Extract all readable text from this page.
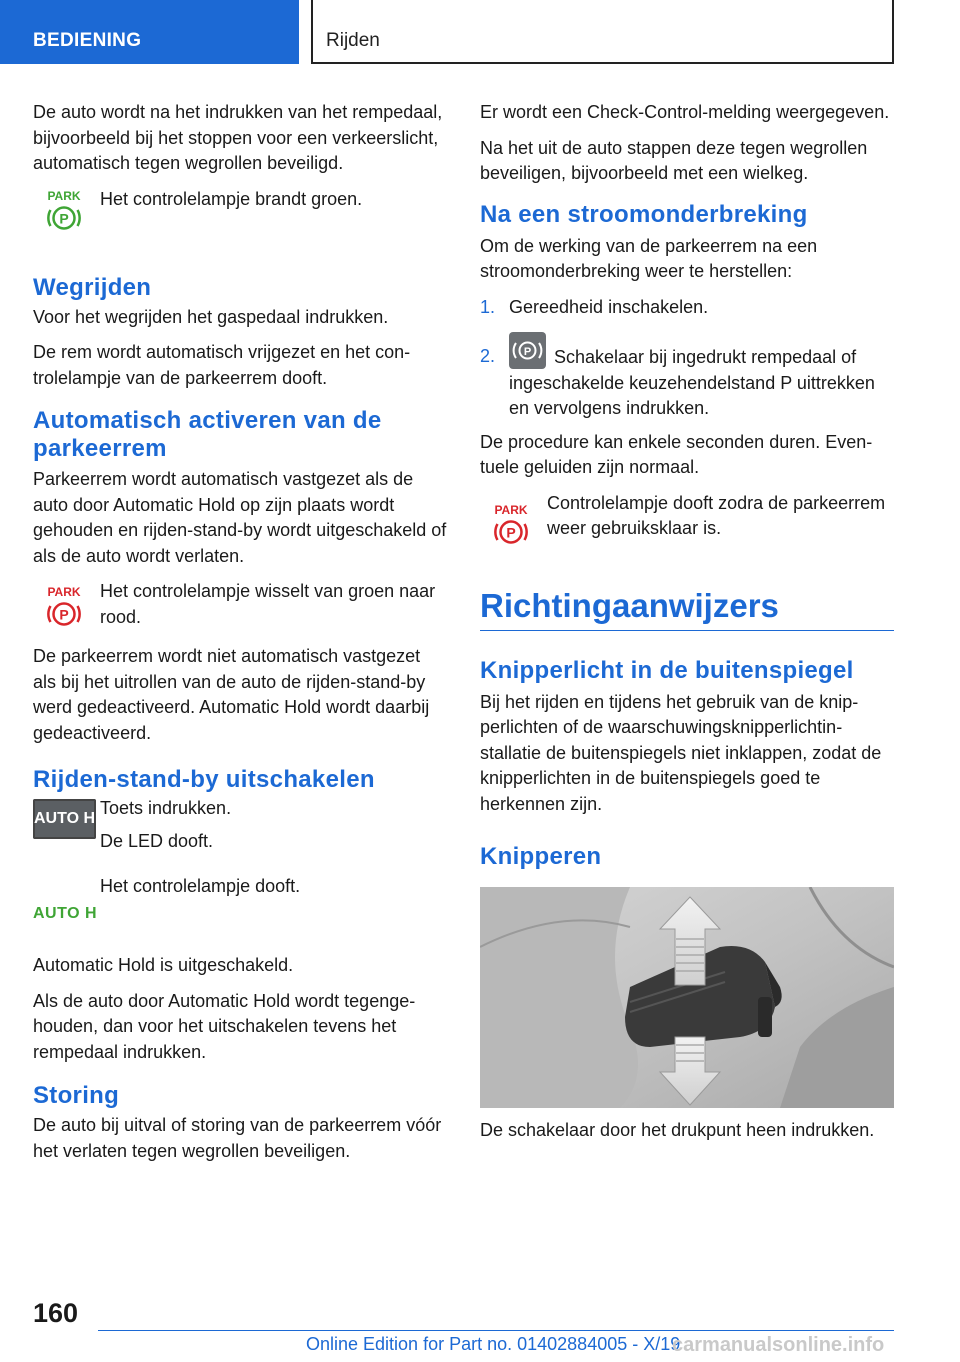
BEDIENING	Rijden

De auto wordt na het indrukken van het rempedaal, bijvoorbeeld bij het stoppen voor een verkeerslicht, automatisch tegen wegrollen beveiligd.

PARK
P

Het controlelampje brandt groen.

Wegrijden

Voor het wegrijden het gaspedaal indrukken.

De rem wordt automatisch vrijgezet en het controlelampje van de parkeerrem dooft.

Automatisch activeren van de parkeerrem

Parkeerrem wordt automatisch vastgezet als de auto door Automatic Hold op zijn plaats wordt gehouden en rijden-stand-by wordt uitgeschakeld of als de auto wordt verlaten.

PARK
P

Het controlelampje wisselt van groen naar rood.

De parkeerrem wordt niet automatisch vastgezet als bij het uitrollen van de auto de rijden-stand-by werd gedeactiveerd. Automatic Hold wordt daarbij gedeactiveerd.

Rijden-stand-by uitschakelen
AUTO H

Toets indrukken.

De LED dooft.

AUTO H

Het controlelampje dooft.

Automatic Hold is uitgeschakeld.

Als de auto door Automatic Hold wordt tegengehouden, dan voor het uitschakelen tevens het rempedaal indrukken.

Storing

De auto bij uitval of storing van de parkeerrem vóór het verlaten tegen wegrollen beveiligen.

Er wordt een Check-Control-melding weergegeven.

Na het uit de auto stappen deze tegen wegrollen beveiligen, bijvoorbeeld met een wielkeg.

Na een stroomonderbreking

Om de werking van de parkeerrem na een stroomonderbreking weer te herstellen:

1. Gereedheid inschakelen.

2.	P Schakelaar bij ingedrukt rempedaal of ingeschakelde keuzehendelstand P uittrekken en vervolgens indrukken.

De procedure kan enkele seconden duren. Eventuele geluiden zijn normaal.

PARK
P

Controlelampje dooft zodra de parkeerrem weer gebruiksklaar is.

Richtingaanwijzers
Knipperlicht in de buitenspiegel

Bij het rijden en tijdens het gebruik van de knipperlichten of de waarschuwingsknipperlichtinstallatie de buitenspiegels niet inklappen, zodat de knipperlichten in de buitenspiegels goed te herkennen zijn.

Knipperen

De schakelaar door het drukpunt heen indrukken.

160
Online Edition for Part no. 01402884005 - X/19
carmanualsonline.info
